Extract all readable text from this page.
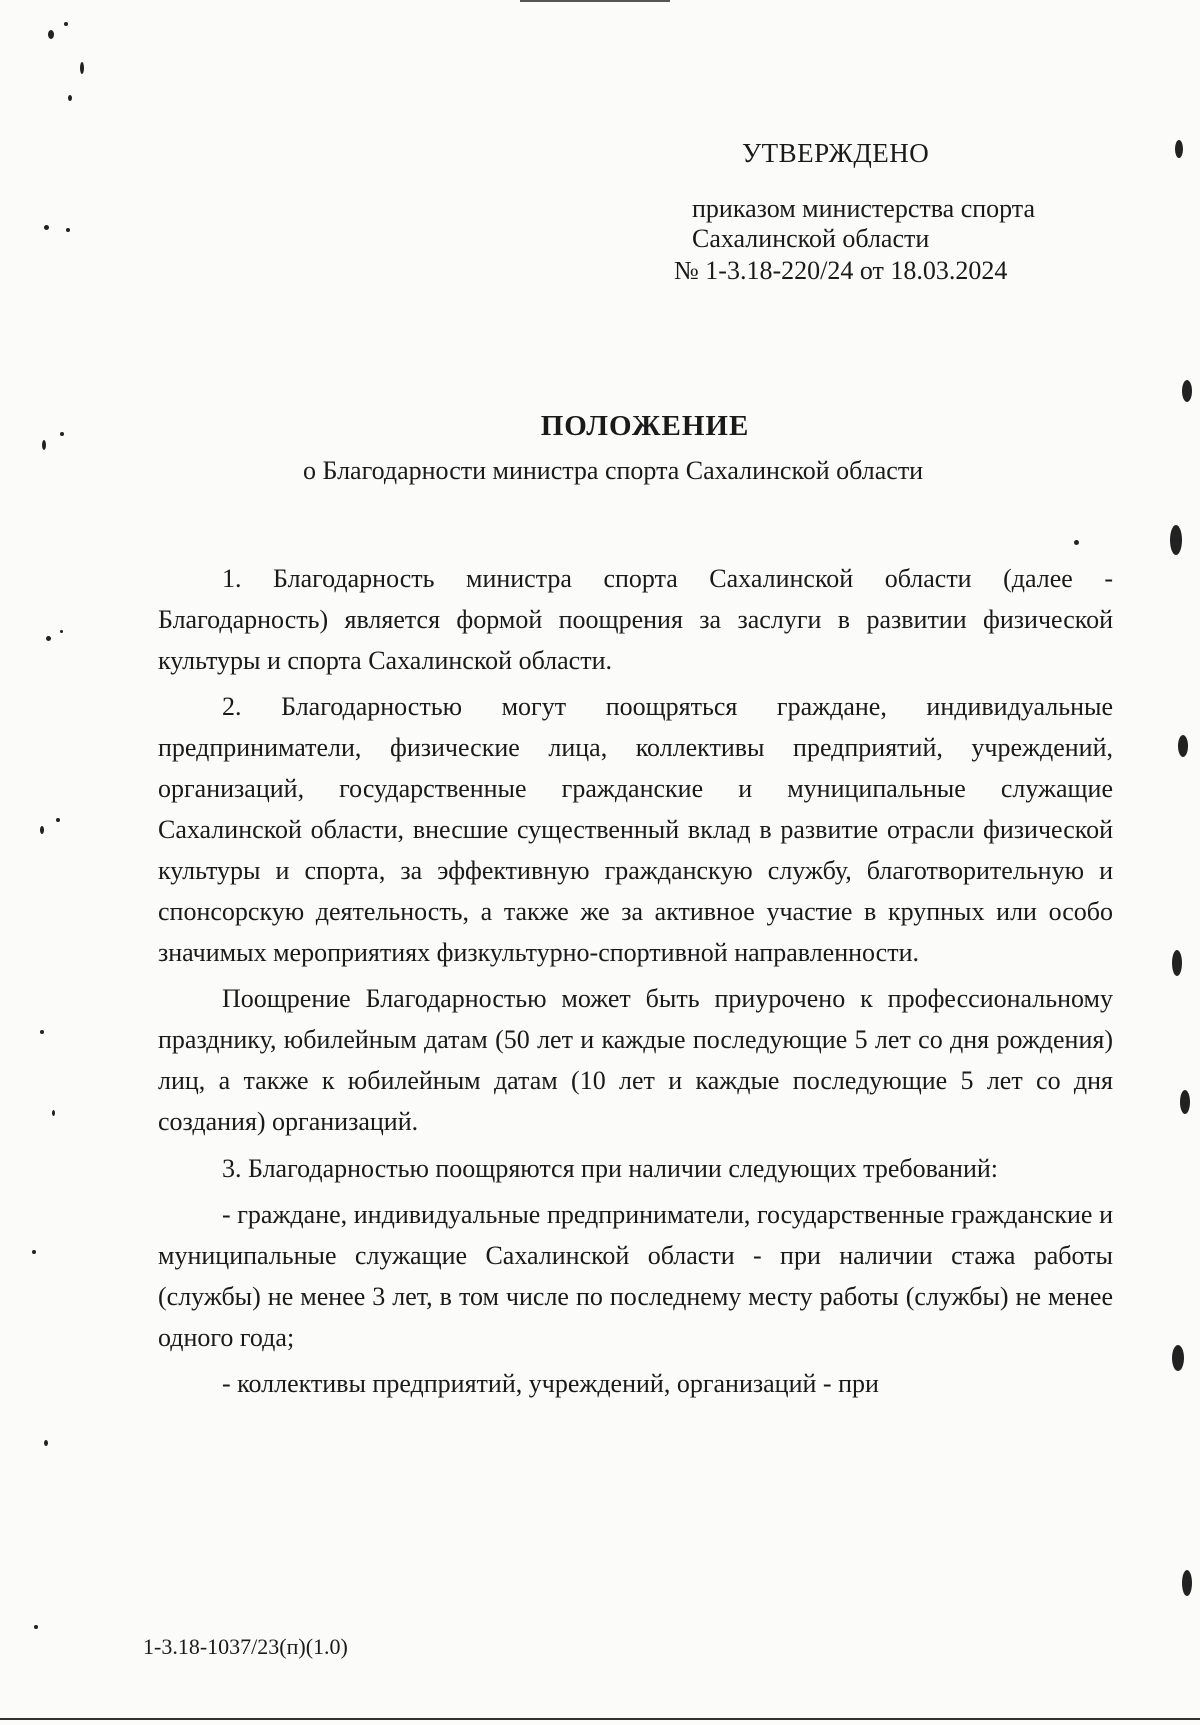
УТВЕРЖДЕНО
приказом министерства спорта
Сахалинской области
№ 1-3.18-220/24 от 18.03.2024
ПОЛОЖЕНИЕ
о Благодарности министра спорта Сахалинской области

1. Благодарность министра спорта Сахалинской области (далее - Благодарность) является формой поощрения за заслуги в развитии физической культуры и спорта Сахалинской области.

2. Благодарностью могут поощряться граждане, индивидуальные предприниматели, физические лица, коллективы предприятий, учреждений, организаций, государственные гражданские и муниципальные служащие Сахалинской области, внесшие существенный вклад в развитие отрасли физической культуры и спорта, за эффективную гражданскую службу, благотворительную и спонсорскую деятельность, а также же за активное участие в крупных или особо значимых мероприятиях физкультурно-спортивной направленности.

Поощрение Благодарностью может быть приурочено к профессиональному празднику, юбилейным датам (50 лет и каждые последующие 5 лет со дня рождения) лиц, а также к юбилейным датам (10 лет и каждые последующие 5 лет со дня создания) организаций.

3. Благодарностью поощряются при наличии следующих требований:

- граждане, индивидуальные предприниматели, государственные гражданские и муниципальные служащие Сахалинской области - при наличии стажа работы (службы) не менее 3 лет, в том числе по последнему месту работы (службы) не менее одного года;

- коллективы предприятий, учреждений, организаций - при

1-3.18-1037/23(п)(1.0)
